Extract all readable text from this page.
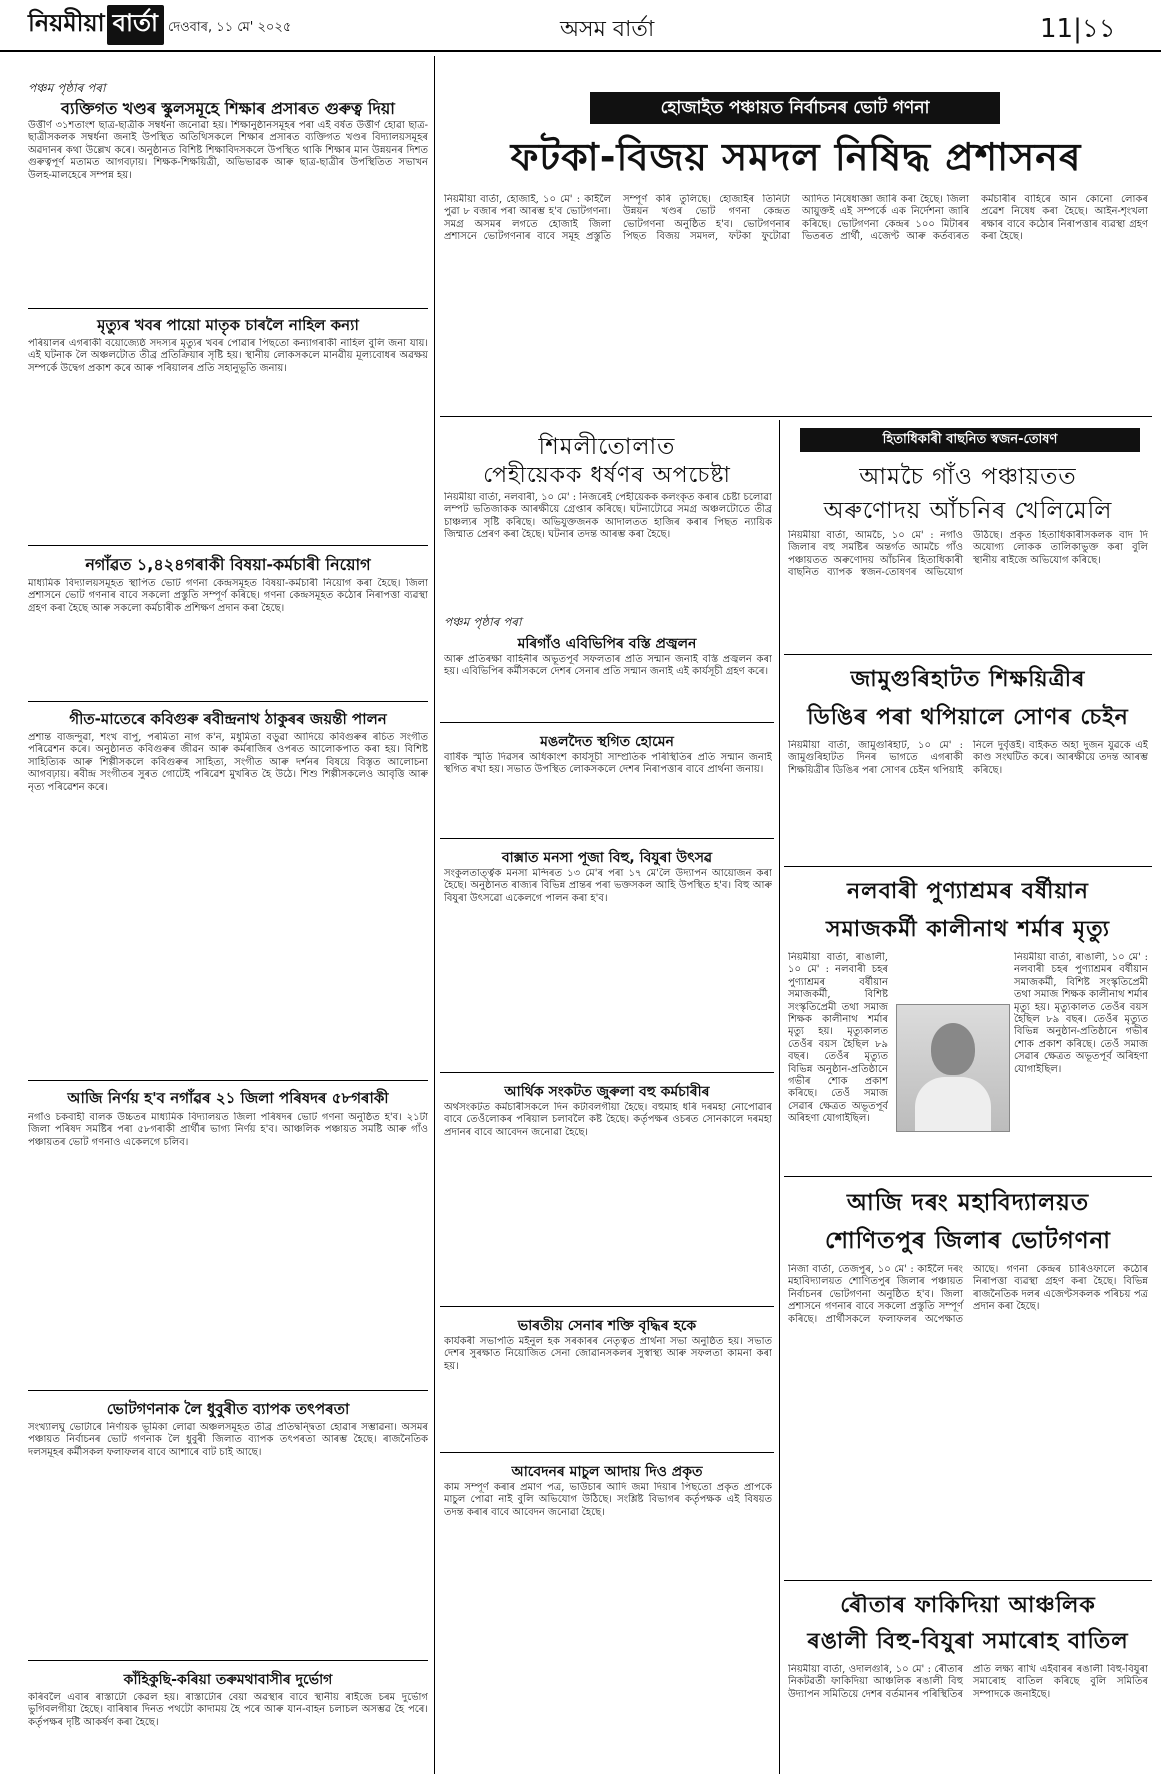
নিয়মীয়া বাৰ্তা দেওবাৰ, ১১ মে' ২০২৫	অসম বাৰ্তা	11|১১
পঞ্চম পৃষ্ঠাৰ পৰা
ব্যক্তিগত খণ্ডৰ স্কুলসমূহে শিক্ষাৰ প্ৰসাৰত গুৰুত্ব দিয়া
উৰ্ত্তীৰ্ণ ৩১শতাংশ ছাত্ৰ-ছাত্ৰীক সম্বৰ্ধনা জনোৱা হয়। শিক্ষানুষ্ঠানসমূহৰ পৰা এই বৰ্ষত উৰ্ত্তীৰ্ণ হোৱা ছাত্ৰ-ছাত্ৰীসকলক সম্বৰ্ধনা জনাই উপস্থিত অতিথিসকলে শিক্ষাৰ প্ৰসাৰত ব্যক্তিগত খণ্ডৰ বিদ্যালয়সমূহৰ অৱদানৰ কথা উল্লেখ কৰে। অনুষ্ঠানত বিশিষ্ট শিক্ষাবিদসকলে উপস্থিত থাকি শিক্ষাৰ মান উন্নয়নৰ দিশত গুৰুত্বপূৰ্ণ মতামত আগবঢ়ায়। শিক্ষক-শিক্ষয়িত্ৰী, অভিভাৱক আৰু ছাত্ৰ-ছাত্ৰীৰ উপস্থিতিত সভাখন উলহ-মালহেৰে সম্পন্ন হয়।
মৃত্যুৰ খবৰ পায়ো মাতৃক চাৰলৈ নাহিল কন্যা
পৰিয়ালৰ এগৰাকী বয়োজ্যেষ্ঠ সদস্যৰ মৃত্যুৰ খবৰ পোৱাৰ পিছতো কন্যাগৰাকী নাহিল বুলি জনা যায়। এই ঘটনাক লৈ অঞ্চলটোত তীব্ৰ প্ৰতিক্ৰিয়াৰ সৃষ্টি হয়। স্থানীয় লোকসকলে মানৱীয় মূল্যবোধৰ অৱক্ষয় সম্পৰ্কে উদ্বেগ প্ৰকাশ কৰে আৰু পৰিয়ালৰ প্ৰতি সহানুভূতি জনায়।
নগাঁৱত ১,৪২৪গৰাকী বিষয়া-কৰ্মচাৰী নিয়োগ
মাধ্যমিক বিদ্যালয়সমূহত স্থাপিত ভোট গণনা কেন্দ্ৰসমূহত বিষয়া-কৰ্মচাৰী নিয়োগ কৰা হৈছে। জিলা প্ৰশাসনে ভোট গণনাৰ বাবে সকলো প্ৰস্তুতি সম্পূৰ্ণ কৰিছে। গণনা কেন্দ্ৰসমূহত কঠোৰ নিৰাপত্তা ব্যৱস্থা গ্ৰহণ কৰা হৈছে আৰু সকলো কৰ্মচাৰীক প্ৰশিক্ষণ প্ৰদান কৰা হৈছে।
গীত-মাতেৰে কবিগুৰু ৰবীন্দ্ৰনাথ ঠাকুৰৰ জয়ন্তী পালন
প্ৰশান্ত বাজন্দুৱা, শংখ বাপু, পৰমিতা নাগ ক'ন, মধুমিতা বড়ুৱা আদিয়ে কবিগুৰুৰ ৰচিত সংগীত পৰিৱেশন কৰে। অনুষ্ঠানত কবিগুৰুৰ জীৱন আৰু কৰ্মৰাজিৰ ওপৰত আলোকপাত কৰা হয়। বিশিষ্ট সাহিত্যিক আৰু শিল্পীসকলে কবিগুৰুৰ সাহিত্য, সংগীত আৰু দৰ্শনৰ বিষয়ে বিস্তৃত আলোচনা আগবঢ়ায়। ৰবীন্দ্ৰ সংগীতৰ সুৰত গোটেই পৰিৱেশ মুখৰিত হৈ উঠে। শিশু শিল্পীসকলেও আবৃত্তি আৰু নৃত্য পৰিৱেশন কৰে।
আজি নিৰ্ণয় হ'ব নগাঁৱৰ ২১ জিলা পৰিষদৰ ৫৮গৰাকী
নগাঁও চকবাহী বালক উচ্চতৰ মাধ্যমিক বিদ্যালয়ত জিলা পৰিষদৰ ভোট গণনা অনুষ্ঠিত হ'ব। ২১টা জিলা পৰিষদ সমষ্টিৰ পৰা ৫৮গৰাকী প্ৰাৰ্থীৰ ভাগ্য নিৰ্ণয় হ'ব। আঞ্চলিক পঞ্চায়ত সমষ্টি আৰু গাঁও পঞ্চায়তৰ ভোট গণনাও একেলগে চলিব।
ভোটগণনাক লৈ ধুবুৰীত ব্যাপক তৎপৰতা
সংখ্যালঘু ভোটাৰে নিৰ্ণায়ক ভূমিকা লোৱা অঞ্চলসমূহত তীব্ৰ প্ৰতিদ্বন্দ্বিতা হোৱাৰ সম্ভাৱনা। অসমৰ পঞ্চায়ত নিৰ্বাচনৰ ভোট গণনাক লৈ ধুবুৰী জিলাত ব্যাপক তৎপৰতা আৰম্ভ হৈছে। ৰাজনৈতিক দলসমূহৰ কৰ্মীসকল ফলাফলৰ বাবে আশাৰে বাট চাই আছে।
কাঁহিকুছি-কৰিয়া তৰুমথাবাসীৰ দুৰ্ভোগ
কৰিবলৈ এবাৰ ৰাস্তাটো কেৱল হয়। ৰাস্তাটোৰ বেয়া অৱস্থাৰ বাবে স্থানীয় ৰাইজে চৰম দুৰ্ভোগ ভুগিবলগীয়া হৈছে। বাৰিষাৰ দিনত পথটো কাদাময় হৈ পৰে আৰু যান-বাহন চলাচল অসম্ভৱ হৈ পৰে। কৰ্তৃপক্ষৰ দৃষ্টি আকৰ্ষণ কৰা হৈছে।
হোজাইত পঞ্চায়ত নিৰ্বাচনৰ ভোট গণনা
ফটকা-বিজয় সমদল নিষিদ্ধ প্ৰশাসনৰ
নিয়মীয়া বাৰ্তা, হোজাই, ১০ মে' : কাইলৈ পুৱা ৮ বজাৰ পৰা আৰম্ভ হ'ব ভোটগণনা। সমগ্ৰ অসমৰ লগতে হোজাই জিলা প্ৰশাসনে ভোটগণনাৰ বাবে সমূহ প্ৰস্তুতি সম্পূৰ্ণ কৰি তুলিছে। হোজাইৰ তিনিটা উন্নয়ন খণ্ডৰ ভোট গণনা কেন্দ্ৰত ভোটগণনা অনুষ্ঠিত হ'ব। ভোটগণনাৰ পিছত বিজয় সমদল, ফটকা ফুটোৱা আদিত নিষেধাজ্ঞা জাৰি কৰা হৈছে। জিলা আয়ুক্তই এই সম্পৰ্কে এক নিৰ্দেশনা জাৰি কৰিছে। ভোটগণনা কেন্দ্ৰৰ ১০০ মিটাৰৰ ভিতৰত প্ৰাৰ্থী, এজেণ্ট আৰু কৰ্তব্যৰত কৰ্মচাৰীৰ বাহিৰে আন কোনো লোকৰ প্ৰৱেশ নিষেধ কৰা হৈছে। আইন-শৃংখলা ৰক্ষাৰ বাবে কঠোৰ নিৰাপত্তাৰ ব্যৱস্থা গ্ৰহণ কৰা হৈছে।
শিমলীতোলাত
পেহীয়েকক ধৰ্ষণৰ অপচেষ্টা
নিয়মীয়া বাৰ্তা, নলবাৰী, ১০ মে' : নিজৰেই পেহীয়েকক কলংকৃত কৰাৰ চেষ্টা চলোৱা লম্পট ভতিজাকক আৰক্ষীয়ে গ্ৰেপ্তাৰ কৰিছে। ঘটনাটোৱে সমগ্ৰ অঞ্চলটোতে তীব্ৰ চাঞ্চল্যৰ সৃষ্টি কৰিছে। অভিযুক্তজনক আদালতত হাজিৰ কৰাৰ পিছত ন্যায়িক জিম্মাত প্ৰেৰণ কৰা হৈছে। ঘটনাৰ তদন্ত আৰম্ভ কৰা হৈছে।
পঞ্চম পৃষ্ঠাৰ পৰা
মৰিগাঁও এবিভিপিৰ বস্তি প্ৰজ্বলন
আৰু প্ৰতিৰক্ষা বাহিনীৰ অভূতপূৰ্ব সফলতাৰ প্ৰতি সন্মান জনাই বস্তি প্ৰজ্বলন কৰা হয়। এবিভিপিৰ কৰ্মীসকলে দেশৰ সেনাৰ প্ৰতি সন্মান জনাই এই কাৰ্যসূচী গ্ৰহণ কৰে।
মঙলদৈত স্থগিত হোমেন
বাৰ্ষিক স্মৃতি দিৱসৰ অধিকাংশ কাৰ্যসূচী সাম্প্ৰতিক পৰিস্থিতিৰ প্ৰতি সন্মান জনাই স্থগিত ৰখা হয়। সভাত উপস্থিত লোকসকলে দেশৰ নিৰাপত্তাৰ বাবে প্ৰাৰ্থনা জনায়।
বাক্সাত মনসা পূজা বিহু, বিযুৰা উৎসৱ
সংকুলতাৰ্ত্ত্বক মনসা মন্দিৰত ১৩ মে'ৰ পৰা ১৭ মে'লৈ উদ্যাপন আয়োজন কৰা হৈছে। অনুষ্ঠানত ৰাজ্যৰ বিভিন্ন প্ৰান্তৰ পৰা ভক্তসকল আহি উপস্থিত হ'ব। বিহু আৰু বিযুৰা উৎসৱো একেলগে পালন কৰা হ'ব।
আৰ্থিক সংকটত জুৰুলা বহু কৰ্মচাৰীৰ
অৰ্থসংকটত কৰ্মচাৰীসকলে দিন কটাবলগীয়া হৈছে। বহুমাহ ধৰি দৰমহা নোপোৱাৰ বাবে তেওঁলোকৰ পৰিয়াল চলাবলৈ কষ্ট হৈছে। কৰ্তৃপক্ষৰ ওচৰত সোনকালে দৰমহা প্ৰদানৰ বাবে আবেদন জনোৱা হৈছে।
ভাৰতীয় সেনাৰ শক্তি বৃদ্ধিৰ হকে
কাৰ্যকৰী সভাপতি মইনুল হক সৰকাৰৰ নেতৃত্বত প্ৰাৰ্থনা সভা অনুষ্ঠিত হয়। সভাত দেশৰ সুৰক্ষাত নিয়োজিত সেনা জোৱানসকলৰ সুস্বাস্থ্য আৰু সফলতা কামনা কৰা হয়।
আবেদনৰ মাচুল আদায় দিও প্ৰকৃত
কাম সম্পূৰ্ণ কৰাৰ প্ৰমাণ পত্ৰ, ভাউচাৰ আদি জমা দিয়াৰ পিছতো প্ৰকৃত প্ৰাপকে মাচুল পোৱা নাই বুলি অভিযোগ উঠিছে। সংশ্লিষ্ট বিভাগৰ কৰ্তৃপক্ষক এই বিষয়ত তদন্ত কৰাৰ বাবে আবেদন জনোৱা হৈছে।
হিতাধিকাৰী বাছনিত স্বজন-তোষণ
আমচৈ গাঁও পঞ্চায়তত
অৰুণোদয় আঁচনিৰ খেলিমেলি
নিয়মীয়া বাৰ্তা, আমচৈ, ১০ মে' : নগাঁও জিলাৰ বহু সমষ্টিৰ অন্তৰ্গত আমচৈ গাঁও পঞ্চায়তত অৰুণোদয় আঁচনিৰ হিতাধিকাৰী বাছনিত ব্যাপক স্বজন-তোষণৰ অভিযোগ উঠিছে। প্ৰকৃত হিতাধিকাৰীসকলক বাদ দি অযোগ্য লোকক তালিকাভুক্ত কৰা বুলি স্থানীয় ৰাইজে অভিযোগ কৰিছে।
জামুগুৰিহাটত শিক্ষয়িত্ৰীৰ
ডিঙিৰ পৰা থপিয়ালে সোণৰ চেইন
নিয়মীয়া বাৰ্তা, জামুগুৰিহাট, ১০ মে' : জামুগুৰিহাটত দিনৰ ভাগতে এগৰাকী শিক্ষয়িত্ৰীৰ ডিঙিৰ পৰা সোণৰ চেইন থপিয়াই নিলে দুৰ্বৃত্তই। বাইকত অহা দুজন যুৱকে এই কাণ্ড সংঘটিত কৰে। আৰক্ষীয়ে তদন্ত আৰম্ভ কৰিছে।
নলবাৰী পুণ্যাশ্ৰমৰ বৰ্ষীয়ান
সমাজকৰ্মী কালীনাথ শৰ্মাৰ মৃত্যু
নিয়মীয়া বাৰ্তা, ৰাঙালী, ১০ মে' : নলবাৰী চহৰ পুণ্যাশ্ৰমৰ বৰ্ষীয়ান সমাজকৰ্মী, বিশিষ্ট সংস্কৃতিপ্ৰেমী তথা সমাজ শিক্ষক কালীনাথ শৰ্মাৰ মৃত্যু হয়। মৃত্যুকালত তেওঁৰ বয়স হৈছিল ৮৯ বছৰ। তেওঁৰ মৃত্যুত বিভিন্ন অনুষ্ঠান-প্ৰতিষ্ঠানে গভীৰ শোক প্ৰকাশ কৰিছে। তেওঁ সমাজ সেৱাৰ ক্ষেত্ৰত অভূতপূৰ্ব অৰিহণা যোগাইছিল।
নিয়মীয়া বাৰ্তা, ৰাঙালী, ১০ মে' : নলবাৰী চহৰ পুণ্যাশ্ৰমৰ বৰ্ষীয়ান সমাজকৰ্মী, বিশিষ্ট সংস্কৃতিপ্ৰেমী তথা সমাজ শিক্ষক কালীনাথ শৰ্মাৰ মৃত্যু হয়। মৃত্যুকালত তেওঁৰ বয়স হৈছিল ৮৯ বছৰ। তেওঁৰ মৃত্যুত বিভিন্ন অনুষ্ঠান-প্ৰতিষ্ঠানে গভীৰ শোক প্ৰকাশ কৰিছে। তেওঁ সমাজ সেৱাৰ ক্ষেত্ৰত অভূতপূৰ্ব অৰিহণা যোগাইছিল।
আজি দৰং মহাবিদ্যালয়ত
শোণিতপুৰ জিলাৰ ভোটগণনা
নিজা বাৰ্তা, তেজপুৰ, ১০ মে' : কাইলৈ দৰং মহাবিদ্যালয়ত শোণিতপুৰ জিলাৰ পঞ্চায়ত নিৰ্বাচনৰ ভোটগণনা অনুষ্ঠিত হ'ব। জিলা প্ৰশাসনে গণনাৰ বাবে সকলো প্ৰস্তুতি সম্পূৰ্ণ কৰিছে। প্ৰাৰ্থীসকলে ফলাফলৰ অপেক্ষাত আছে। গণনা কেন্দ্ৰৰ চাৰিওফালে কঠোৰ নিৰাপত্তা ব্যৱস্থা গ্ৰহণ কৰা হৈছে। বিভিন্ন ৰাজনৈতিক দলৰ এজেণ্টসকলক পৰিচয় পত্ৰ প্ৰদান কৰা হৈছে।
ৰৌতাৰ ফাকিদিয়া আঞ্চলিক
ৰঙালী বিহু-বিযুৰা সমাৰোহ বাতিল
নিয়মীয়া বাৰ্তা, ওদালগুৰি, ১০ মে' : ৰৌতাৰ নিকটৱৰ্তী ফাকিদিয়া আঞ্চলিক ৰঙালী বিহু উদ্যাপন সমিতিয়ে দেশৰ বৰ্তমানৰ পৰিস্থিতিৰ প্ৰতি লক্ষ্য ৰাখি এইবাৰৰ ৰঙালী বিহু-বিযুৰা সমাৰোহ বাতিল কৰিছে বুলি সমিতিৰ সম্পাদকে জনাইছে।
